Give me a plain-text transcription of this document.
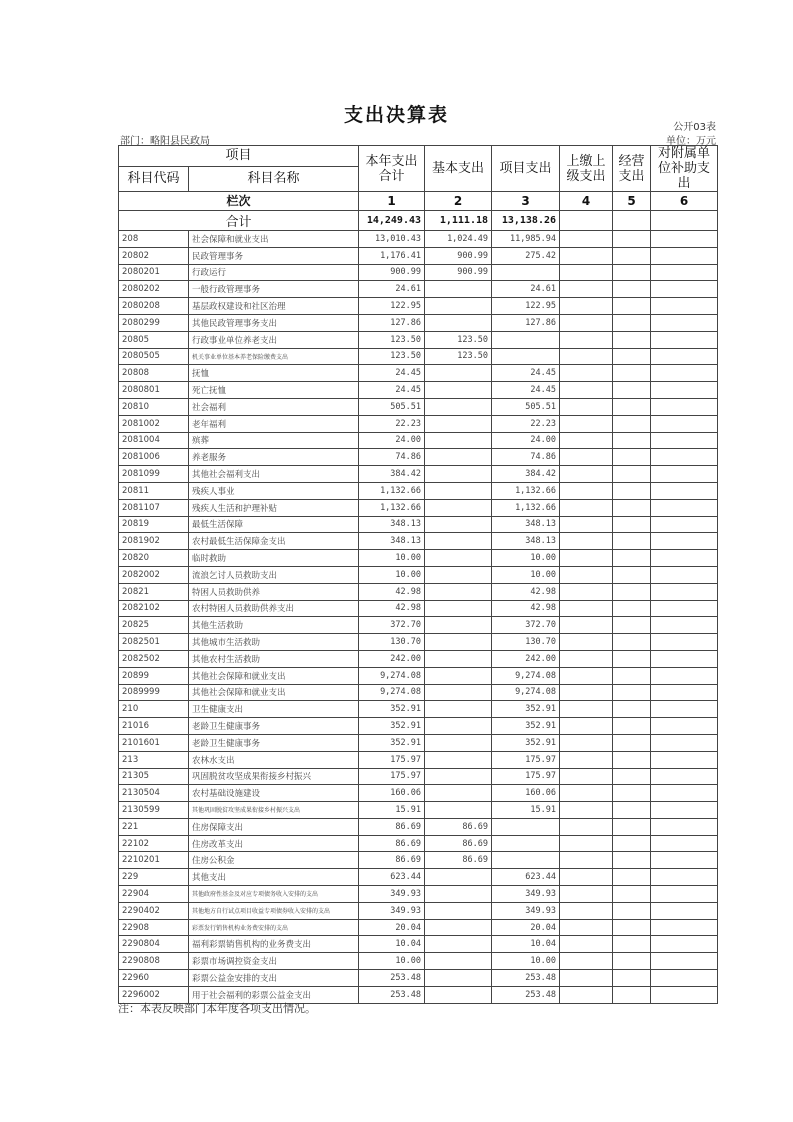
支出决算表
公开03表
部门：略阳县民政局	单位：万元
项目		本年支出合计	基本支出	项目支出	上缴上级支出	经营支出	对附属单位补助支出
科目代码	科目名称						
栏次		1	2	3	4	5	6
合计		14,249.43	1,111.18	13,138.26			
208	社会保障和就业支出	13,010.43	1,024.49	11,985.94			
20802	民政管理事务	1,176.41	900.99	275.42			
2080201	行政运行	900.99	900.99				
2080202	一般行政管理事务	24.61		24.61			
2080208	基层政权建设和社区治理	122.95		122.95			
2080299	其他民政管理事务支出	127.86		127.86			
20805	行政事业单位养老支出	123.50	123.50				
2080505	机关事业单位基本养老保险缴费支出	123.50	123.50				
20808	抚恤	24.45		24.45			
2080801	死亡抚恤	24.45		24.45			
20810	社会福利	505.51		505.51			
2081002	老年福利	22.23		22.23			
2081004	殡葬	24.00		24.00			
2081006	养老服务	74.86		74.86			
2081099	其他社会福利支出	384.42		384.42			
20811	残疾人事业	1,132.66		1,132.66			
2081107	残疾人生活和护理补贴	1,132.66		1,132.66			
20819	最低生活保障	348.13		348.13			
2081902	农村最低生活保障金支出	348.13		348.13			
20820	临时救助	10.00		10.00			
2082002	流浪乞讨人员救助支出	10.00		10.00			
20821	特困人员救助供养	42.98		42.98			
2082102	农村特困人员救助供养支出	42.98		42.98			
20825	其他生活救助	372.70		372.70			
2082501	其他城市生活救助	130.70		130.70			
2082502	其他农村生活救助	242.00		242.00			
20899	其他社会保障和就业支出	9,274.08		9,274.08			
2089999	其他社会保障和就业支出	9,274.08		9,274.08			
210	卫生健康支出	352.91		352.91			
21016	老龄卫生健康事务	352.91		352.91			
2101601	老龄卫生健康事务	352.91		352.91			
213	农林水支出	175.97		175.97			
21305	巩固脱贫攻坚成果衔接乡村振兴	175.97		175.97			
2130504	农村基础设施建设	160.06		160.06			
2130599	其他巩固脱贫攻坚成果衔接乡村振兴支出	15.91		15.91			
221	住房保障支出	86.69	86.69				
22102	住房改革支出	86.69	86.69				
2210201	住房公积金	86.69	86.69				
229	其他支出	623.44		623.44			
22904	其他政府性基金及对应专项债务收入安排的支出	349.93		349.93			
2290402	其他地方自行试点项目收益专项债券收入安排的支出	349.93		349.93			
22908	彩票发行销售机构业务费安排的支出	20.04		20.04			
2290804	福利彩票销售机构的业务费支出	10.04		10.04			
2290808	彩票市场调控资金支出	10.00		10.00			
22960	彩票公益金安排的支出	253.48		253.48			
2296002	用于社会福利的彩票公益金支出	253.48		253.48			
注：本表反映部门本年度各项支出情况。
